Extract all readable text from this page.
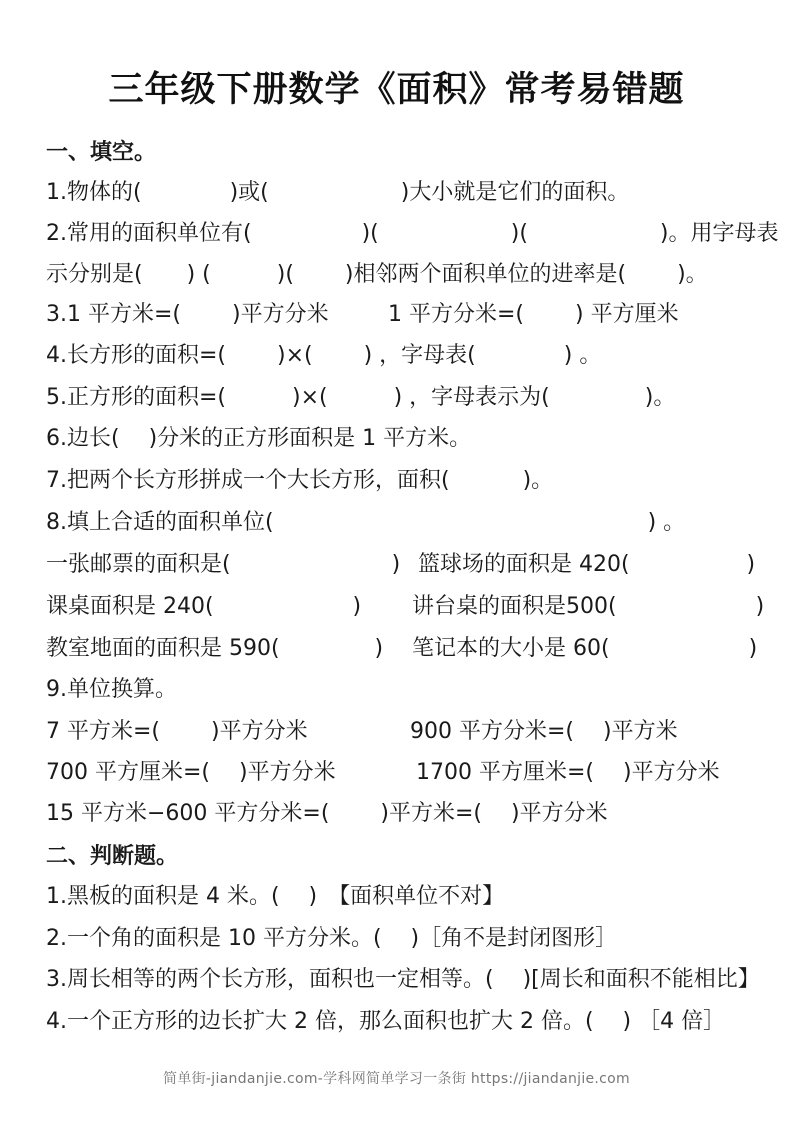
三年级下册数学《面积》常考易错题
一、填空。
1.物体的(　　　　)或(　　　　　　)大小就是它们的面积。
2.常用的面积单位有(　　　　　)(　　　　　　)(　　　　　　)。用字母表
示分别是(　　) (　　　)(　　 )相邻两个面积单位的进率是(　　 )。
3.1 平方米=(　　 )平方分米	1 平方分米=(　　 ) 平方厘米
4.长方形的面积=(　　 )×(　　 ) ，字母表(　　　　) 。
5.正方形的面积=(　　　)×(　　　) ，字母表示为(　　　　 )。
6.边长(　 )分米的正方形面积是 1 平方米。
7.把两个长方形拼成一个大长方形，面积(　　　 )。
8.填上合适的面积单位(　　　　　　　　　　　　　　　　　) 。
一张邮票的面积是(　　　　　　　 ) 篮球场的面积是 420(　　　　　 )
课桌面积是 240(　　　　　　 ) 讲台桌的面积是500(　　　　　　 )
教室地面的面积是 590(　　　　 ) 笔记本的大小是 60(　　　　　　 )
9.单位换算。
7 平方米=(　　 )平方分米	900 平方分米=(　 )平方米
700 平方厘米=(　 )平方分米	1700 平方厘米=(　 )平方分米
15 平方米−600 平方分米=(　　 )平方米=(　 )平方分米
二、判断题。
1.黑板的面积是 4 米。(　 )　【面积单位不对】
2.一个角的面积是 10 平方分米。(　 )［角不是封闭图形］
3.周长相等的两个长方形，面积也一定相等。(　 )[周长和面积不能相比】
4.一个正方形的边长扩大 2 倍，那么面积也扩大 2 倍。(　 ) ［4 倍］
简单街-jiandanjie.com-学科网简单学习一条街 https://jiandanjie.com
